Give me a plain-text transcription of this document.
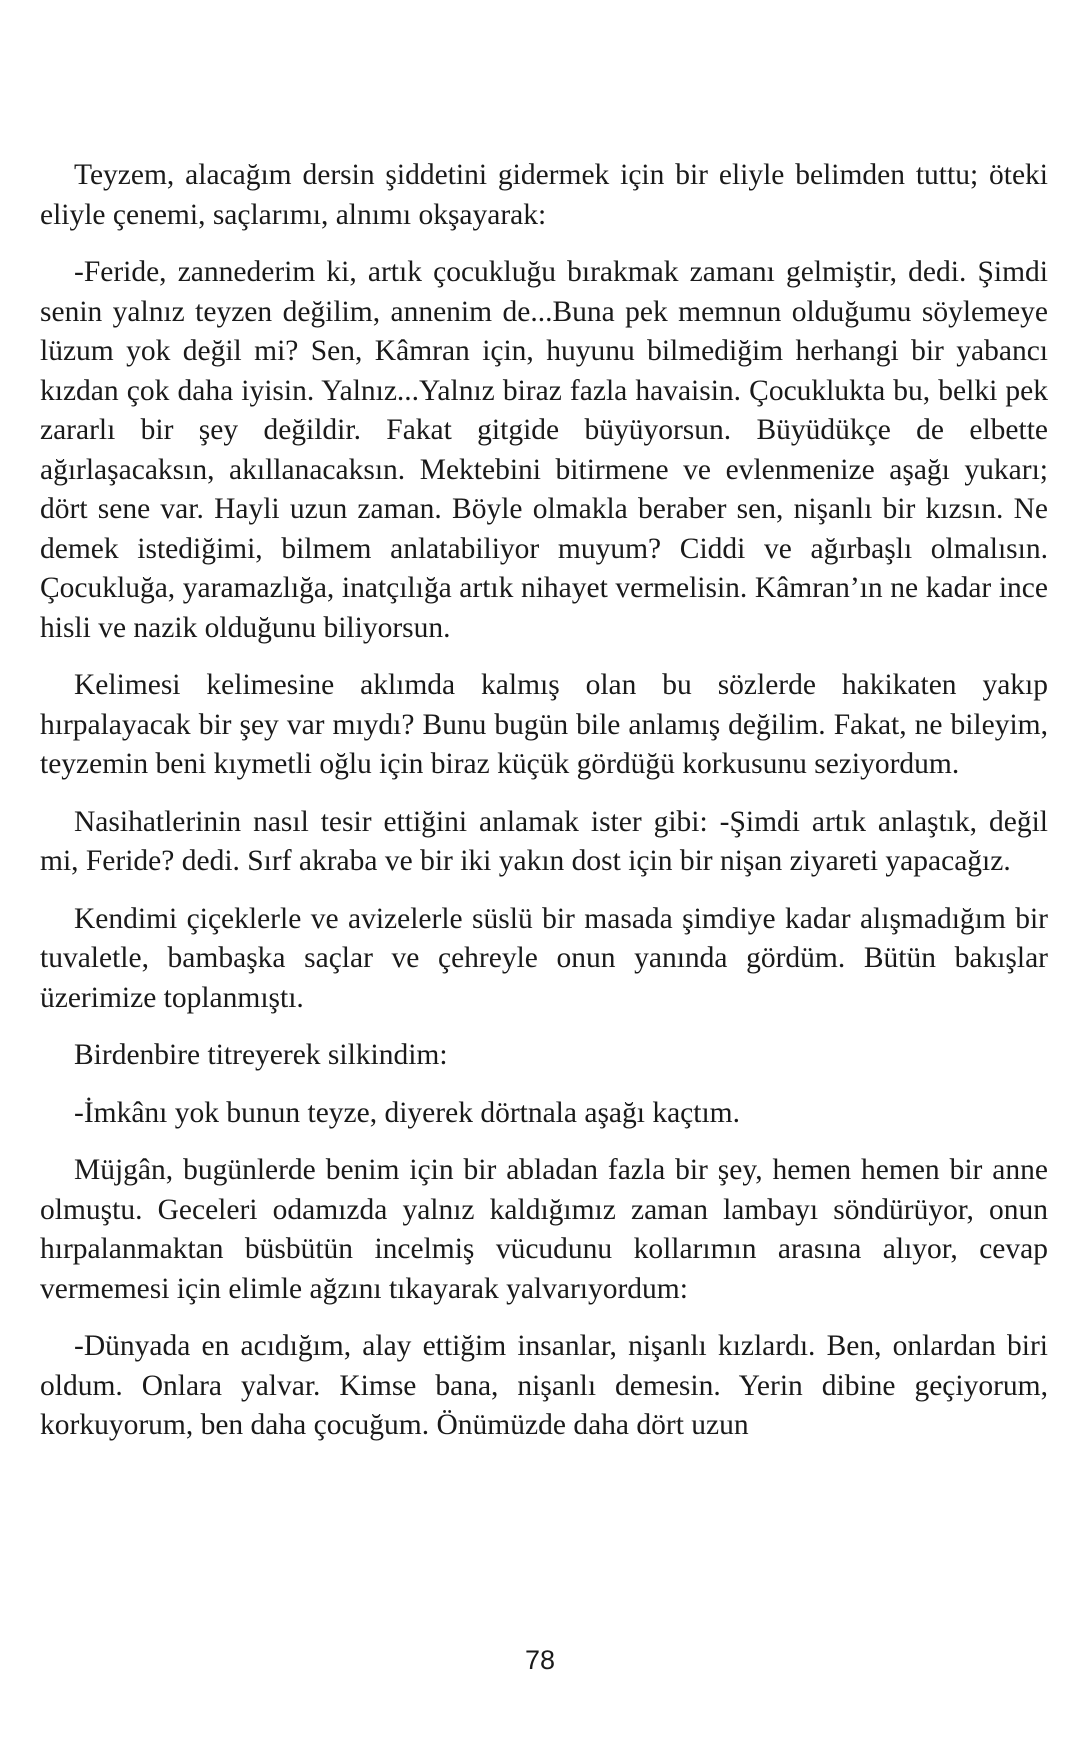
Teyzem, alacağım dersin şiddetini gidermek için bir eliyle belimden tuttu; öteki eliyle çenemi, saçlarımı, alnımı okşayarak:

-Feride, zannederim ki, artık çocukluğu bırakmak zamanı gelmiştir, dedi. Şimdi senin yalnız teyzen değilim, annenim de...Buna pek memnun olduğumu söylemeye lüzum yok değil mi? Sen, Kâmran için, huyunu bilmediğim herhangi bir yabancı kızdan çok daha iyisin. Yalnız...Yalnız biraz fazla havaisin. Çocuklukta bu, belki pek zararlı bir şey değildir. Fakat gitgide büyüyorsun. Büyüdükçe de elbette ağırlaşacaksın, akıllanacaksın. Mektebini bitirmene ve evlenmenize aşağı yukarı; dört sene var. Hayli uzun zaman. Böyle olmakla beraber sen, nişanlı bir kızsın. Ne demek istediğimi, bilmem anlatabiliyor muyum? Ciddi ve ağırbaşlı olmalısın. Çocukluğa, yaramazlığa, inatçılığa artık nihayet vermelisin. Kâmran’ın ne kadar ince hisli ve nazik olduğunu biliyorsun.

Kelimesi kelimesine aklımda kalmış olan bu sözlerde hakikaten yakıp hırpalayacak bir şey var mıydı? Bunu bugün bile anlamış değilim. Fakat, ne bileyim, teyzemin beni kıymetli oğlu için biraz küçük gördüğü korkusunu seziyordum.

Nasihatlerinin nasıl tesir ettiğini anlamak ister gibi: -Şimdi artık anlaştık, değil mi, Feride? dedi. Sırf akraba ve bir iki yakın dost için bir nişan ziyareti yapacağız.

Kendimi çiçeklerle ve avizelerle süslü bir masada şimdiye kadar alışmadığım bir tuvaletle, bambaşka saçlar ve çehreyle onun yanında gördüm. Bütün bakışlar üzerimize toplanmıştı.

Birdenbire titreyerek silkindim:

-İmkânı yok bunun teyze, diyerek dörtnala aşağı kaçtım.

Müjgân, bugünlerde benim için bir abladan fazla bir şey, hemen hemen bir anne olmuştu. Geceleri odamızda yalnız kaldığımız zaman lambayı söndürüyor, onun hırpalanmaktan büsbütün incelmiş vücudunu kollarımın arasına alıyor, cevap vermemesi için elimle ağzını tıkayarak yalvarıyordum:

-Dünyada en acıdığım, alay ettiğim insanlar, nişanlı kızlardı. Ben, onlardan biri oldum. Onlara yalvar. Kimse bana, nişanlı demesin. Yerin dibine geçiyorum, korkuyorum, ben daha çocuğum. Önümüzde daha dört uzun

78
